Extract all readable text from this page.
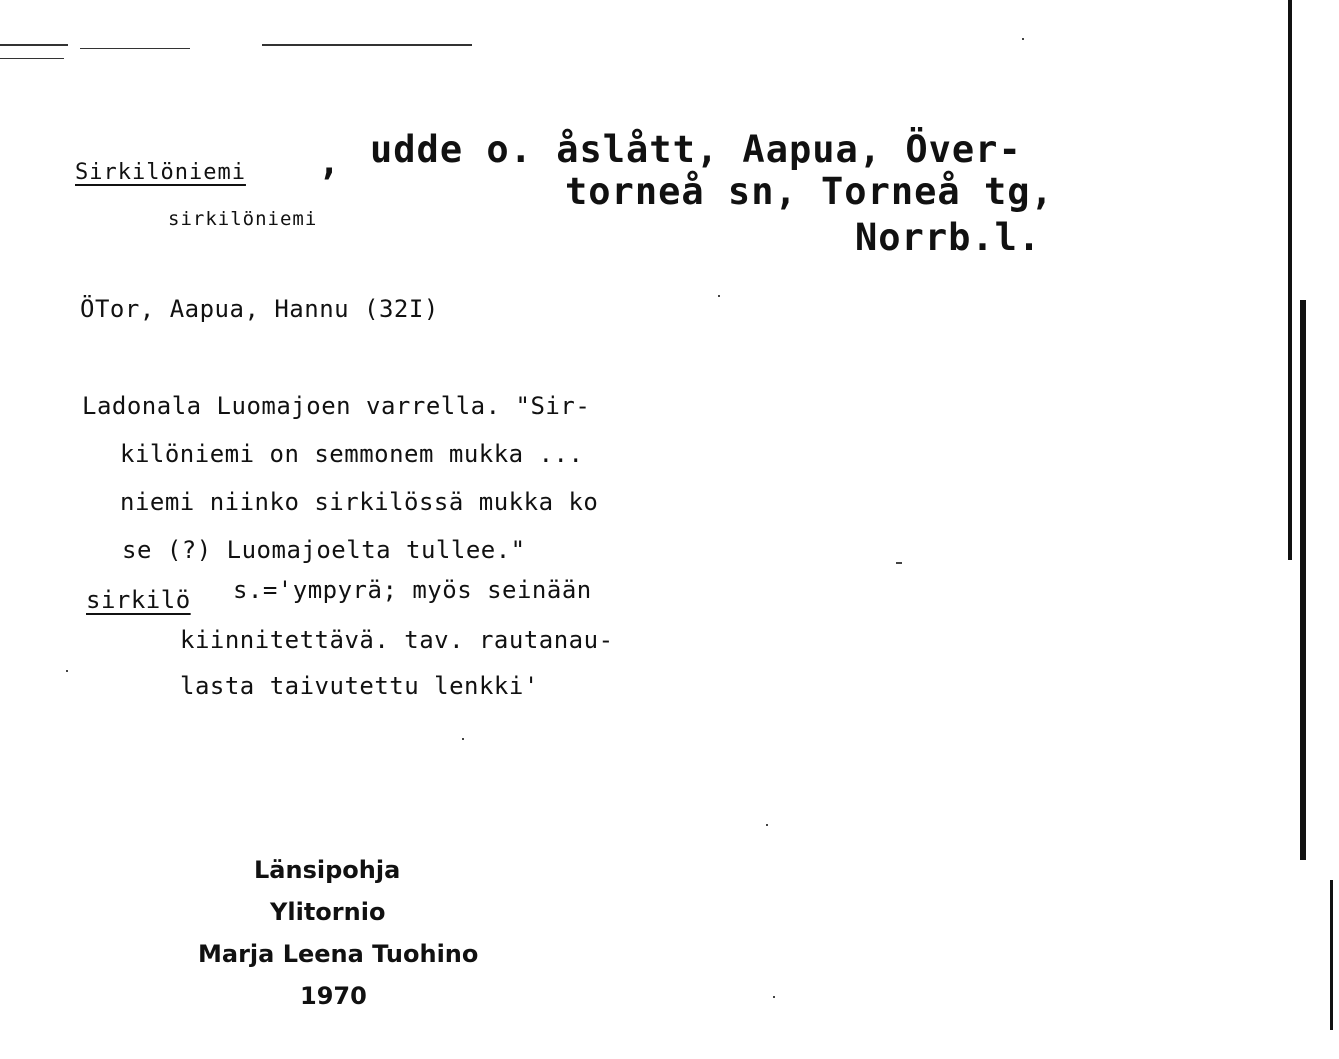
Sirkilöniemi ,
sirkilöniemi
udde o. åslått, Aapua, Över-
torneå sn, Torneå tg,
Norrb.l.
ÖTor, Aapua, Hannu (32I)
Ladonala Luomajoen varrella. "Sir-
kilöniemi on semmonem mukka ...
niemi niinko sirkilössä mukka ko
se (?) Luomajoelta tullee."
sirkilö s.='ympyrä; myös seinään
kiinnitettävä. tav. rautanau-
lasta taivutettu lenkki'
Länsipohja
Ylitornio
Marja Leena Tuohino
1970
